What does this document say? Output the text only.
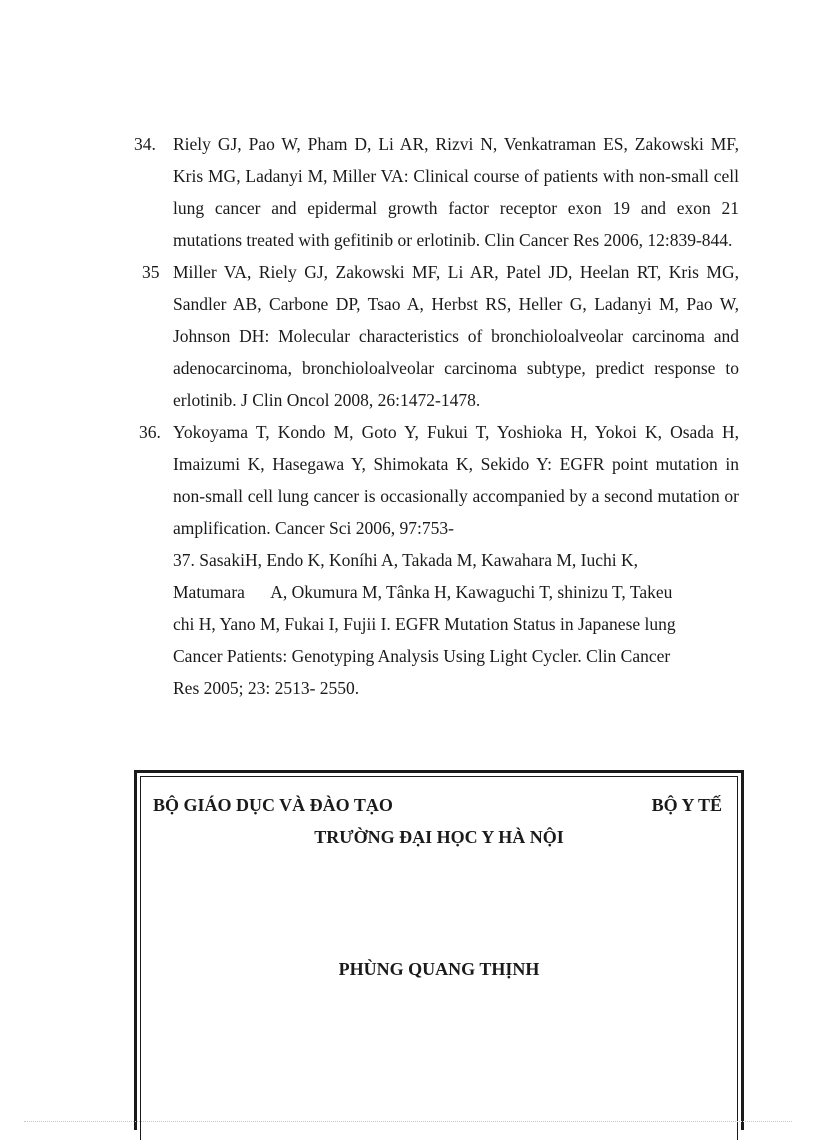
34. Riely GJ, Pao W, Pham D, Li AR, Rizvi N, Venkatraman ES, Zakowski MF, Kris MG, Ladanyi M, Miller VA: Clinical course of patients with non-small cell lung cancer and epidermal growth factor receptor exon 19 and exon 21 mutations treated with gefitinib or erlotinib. Clin Cancer Res 2006, 12:839-844.
35 Miller VA, Riely GJ, Zakowski MF, Li AR, Patel JD, Heelan RT, Kris MG, Sandler AB, Carbone DP, Tsao A, Herbst RS, Heller G, Ladanyi M, Pao W, Johnson DH: Molecular characteristics of bronchioloalveolar carcinoma and adenocarcinoma, bronchioloalveolar carcinoma subtype, predict response to erlotinib. J Clin Oncol 2008, 26:1472-1478.
36. Yokoyama T, Kondo M, Goto Y, Fukui T, Yoshioka H, Yokoi K, Osada H, Imaizumi K, Hasegawa Y, Shimokata K, Sekido Y: EGFR point mutation in non-small cell lung cancer is occasionally accompanied by a second mutation or amplification. Cancer Sci 2006, 97:753-
37. SasakiH, Endo K, Koníhi A, Takada M, Kawahara M, Iuchi K,
Matumara      A, Okumura M, Tânka H, Kawaguchi T, shinizu T, Takeu
chi H, Yano M, Fukai I, Fujii I. EGFR Mutation Status in Japanese lung
Cancer Patients: Genotyping Analysis Using Light Cycler. Clin Cancer
Res 2005; 23: 2513- 2550.
BỘ GIÁO DỤC VÀ ĐÀO TẠO	BỘ Y TẾ
TRƯỜNG ĐẠI HỌC Y HÀ NỘI
PHÙNG QUANG THỊNH
